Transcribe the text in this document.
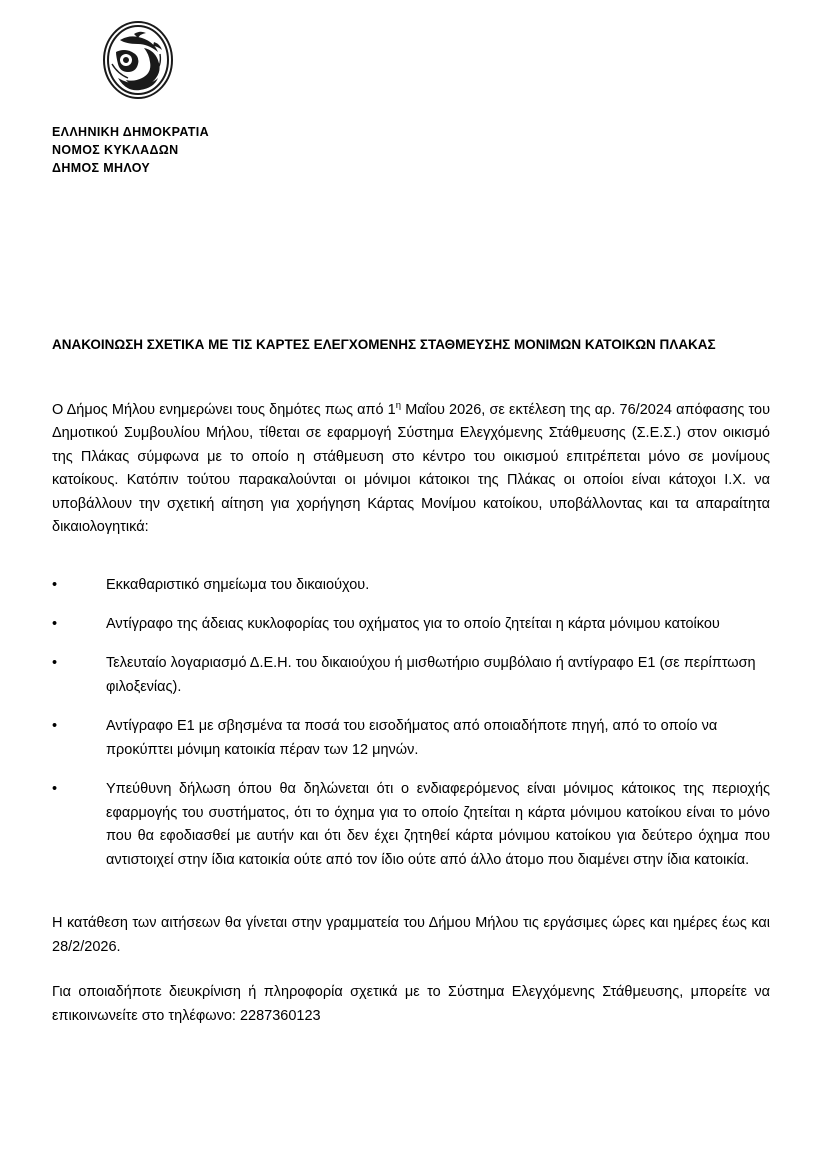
ΕΛΛΗΝΙΚΗ ΔΗΜΟΚΡΑΤΙΑ
ΝΟΜΟΣ ΚΥΚΛΑΔΩΝ
ΔΗΜΟΣ ΜΗΛΟΥ
ΑΝΑΚΟΙΝΩΣΗ ΣΧΕΤΙΚΑ ΜΕ ΤΙΣ ΚΑΡΤΕΣ ΕΛΕΓΧΟΜΕΝΗΣ ΣΤΑΘΜΕΥΣΗΣ ΜΟΝΙΜΩΝ ΚΑΤΟΙΚΩΝ ΠΛΑΚΑΣ

Ο Δήμος Μήλου ενημερώνει τους δημότες πως από $1^\eta$ Μαΐου 2026, σε εκτέλεση της αρ. 76/2024 απόφασης του Δημοτικού Συμβουλίου Μήλου, τίθεται σε εφαρμογή Σύστημα Ελεγχόμενης Στάθμευσης (Σ.Ε.Σ.) στον οικισμό της Πλάκας σύμφωνα με το οποίο η στάθμευση στο κέντρο του οικισμού επιτρέπεται μόνο σε μονίμους κατοίκους. Κατόπιν τούτου παρακαλούνται οι μόνιμοι κάτοικοι της Πλάκας οι οποίοι είναι κάτοχοι Ι.Χ. να υποβάλλουν την σχετική αίτηση για χορήγηση Κάρτας Μονίμου κατοίκου, υποβάλλοντας και τα απαραίτητα δικαιολογητικά:

•	Εκκαθαριστικό σημείωμα του δικαιούχου.
•	Αντίγραφο της άδειας κυκλοφορίας του οχήματος για το οποίο ζητείται η κάρτα μόνιμου κατοίκου
•	Τελευταίο λογαριασμό Δ.Ε.Η. του δικαιούχου ή μισθωτήριο συμβόλαιο ή αντίγραφο Ε1 (σε περίπτωση φιλοξενίας).
•	Αντίγραφο Ε1 με σβησμένα τα ποσά του εισοδήματος από οποιαδήποτε πηγή, από το οποίο να προκύπτει μόνιμη κατοικία πέραν των 12 μηνών.
•	Υπεύθυνη δήλωση όπου θα δηλώνεται ότι ο ενδιαφερόμενος είναι μόνιμος κάτοικος της περιοχής εφαρμογής του συστήματος, ότι το όχημα για το οποίο ζητείται η κάρτα μόνιμου κατοίκου είναι το μόνο που θα εφοδιασθεί με αυτήν και ότι δεν έχει ζητηθεί κάρτα μόνιμου κατοίκου για δεύτερο όχημα που αντιστοιχεί στην ίδια κατοικία ούτε από τον ίδιο ούτε από άλλο άτομο που διαμένει στην ίδια κατοικία.

Η κατάθεση των αιτήσεων θα γίνεται στην γραμματεία του Δήμου Μήλου τις εργάσιμες ώρες και ημέρες έως και 28/2/2026.

Για οποιαδήποτε διευκρίνιση ή πληροφορία σχετικά με το Σύστημα Ελεγχόμενης Στάθμευσης, μπορείτε να επικοινωνείτε στο τηλέφωνο: 2287360123
